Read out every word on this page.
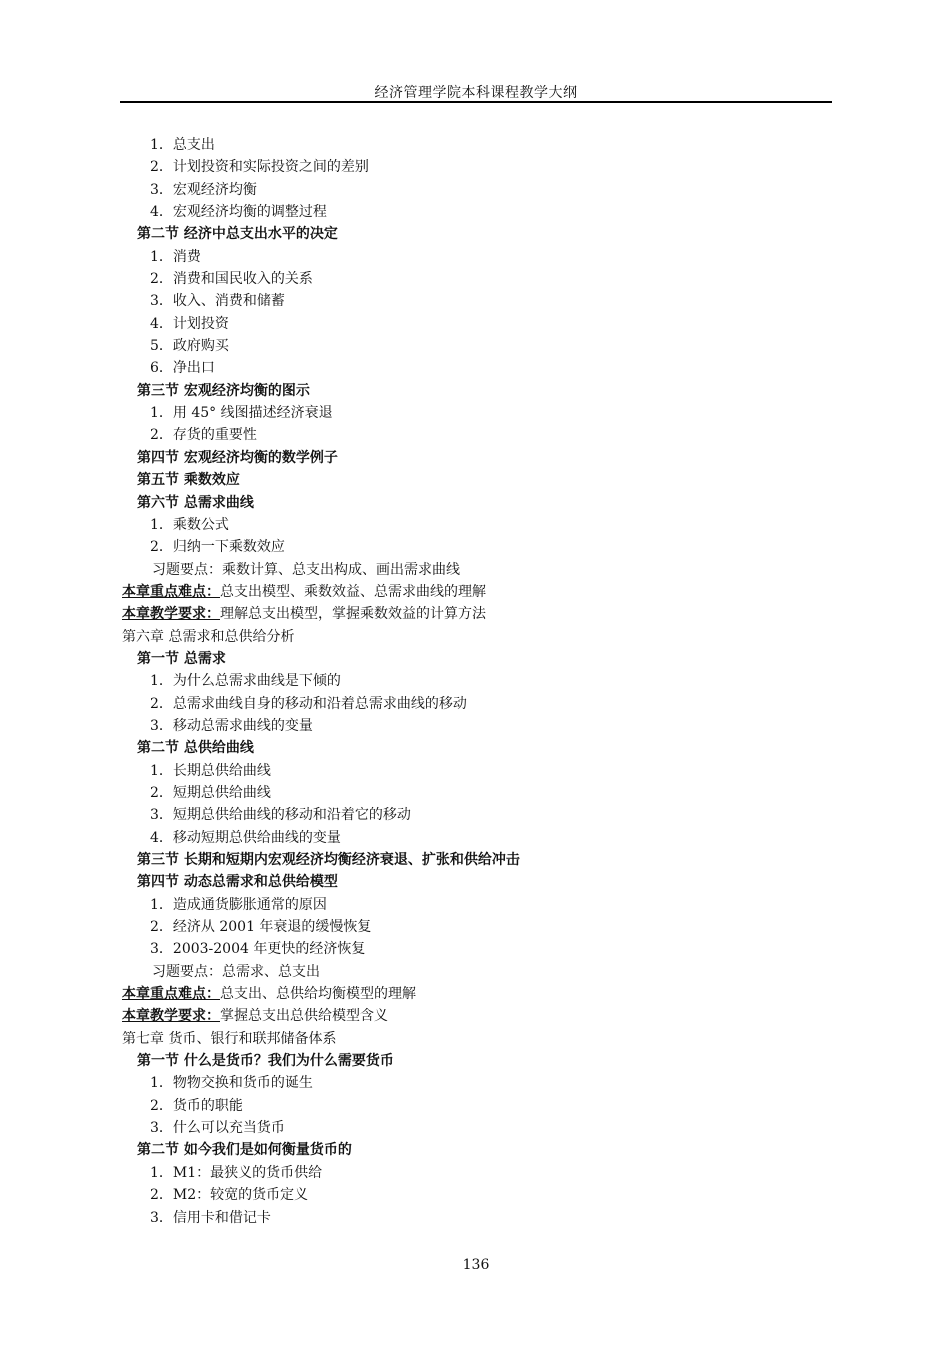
经济管理学院本科课程教学大纲
1．总支出
2．计划投资和实际投资之间的差别
3．宏观经济均衡
4．宏观经济均衡的调整过程
第二节 经济中总支出水平的决定
1．消费
2．消费和国民收入的关系
3．收入、消费和储蓄
4．计划投资
5．政府购买
6．净出口
第三节 宏观经济均衡的图示
1．用 45° 线图描述经济衰退
2．存货的重要性
第四节 宏观经济均衡的数学例子
第五节 乘数效应
第六节 总需求曲线
1．乘数公式
2．归纳一下乘数效应
习题要点：乘数计算、总支出构成、画出需求曲线
本章重点难点：总支出模型、乘数效益、总需求曲线的理解
本章教学要求：理解总支出模型，掌握乘数效益的计算方法
第六章 总需求和总供给分析
第一节 总需求
1．为什么总需求曲线是下倾的
2．总需求曲线自身的移动和沿着总需求曲线的移动
3．移动总需求曲线的变量
第二节 总供给曲线
1．长期总供给曲线
2．短期总供给曲线
3．短期总供给曲线的移动和沿着它的移动
4．移动短期总供给曲线的变量
第三节 长期和短期内宏观经济均衡经济衰退、扩张和供给冲击
第四节 动态总需求和总供给模型
1．造成通货膨胀通常的原因
2．经济从 2001 年衰退的缓慢恢复
3．2003-2004 年更快的经济恢复
习题要点：总需求、总支出
本章重点难点：总支出、总供给均衡模型的理解
本章教学要求：掌握总支出总供给模型含义
第七章 货币、银行和联邦储备体系
第一节 什么是货币？我们为什么需要货币
1．物物交换和货币的诞生
2．货币的职能
3．什么可以充当货币
第二节 如今我们是如何衡量货币的
1．M1：最狭义的货币供给
2．M2：较宽的货币定义
3．信用卡和借记卡
136
